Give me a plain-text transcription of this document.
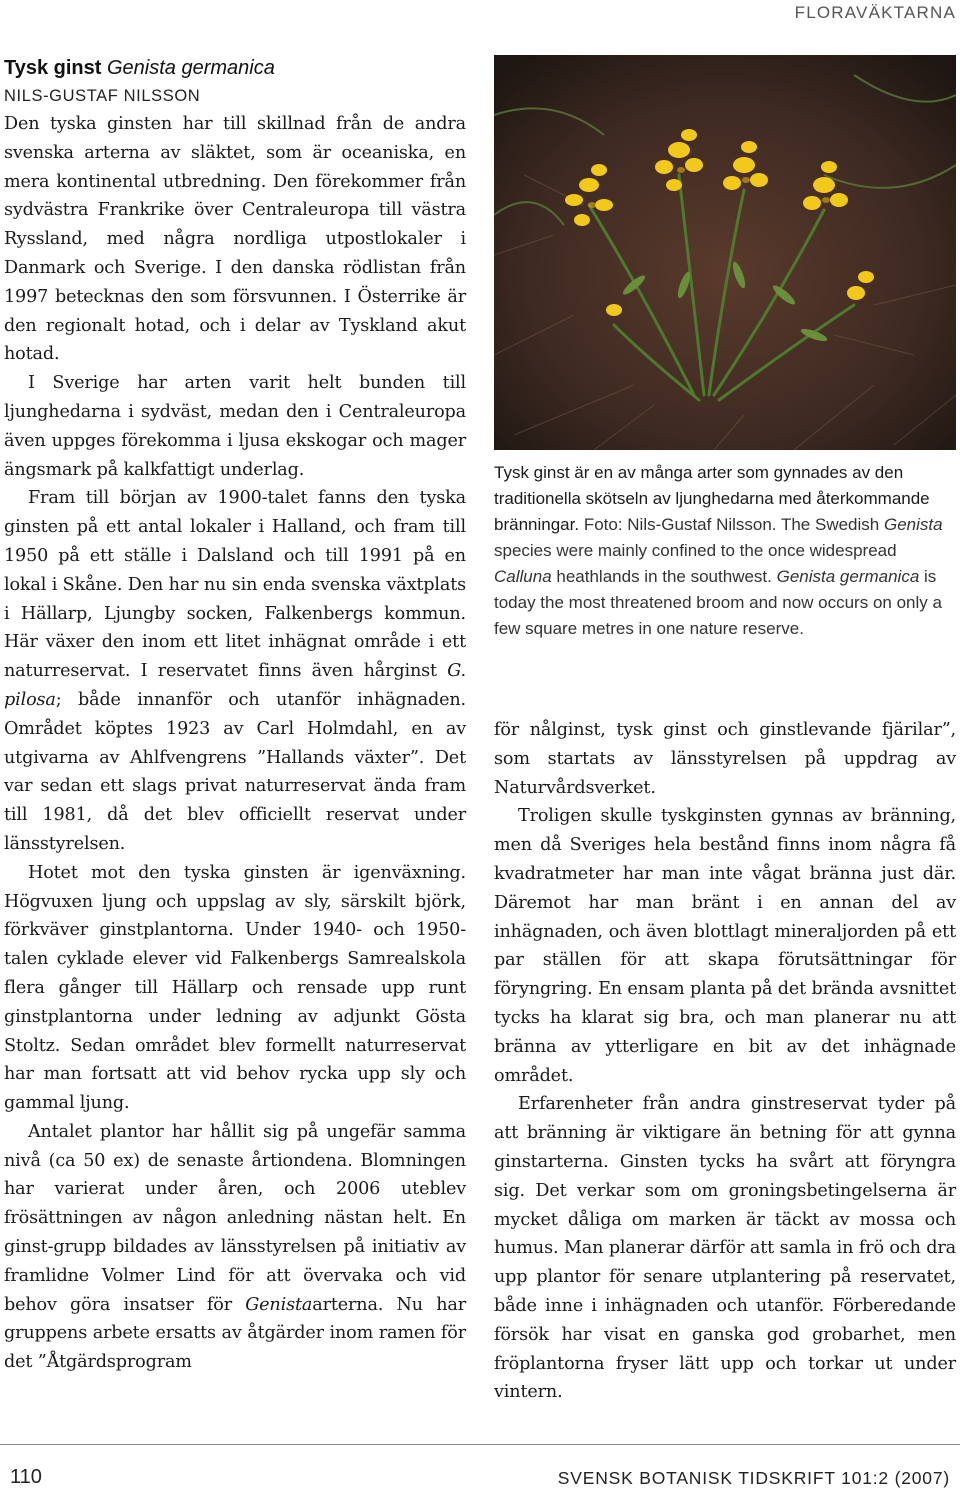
FLORAVÄKTARNA
Tysk ginst Genista germanica
NILS-GUSTAF NILSSON

Den tyska ginsten har till skillnad från de andra svenska arterna av släktet, som är oceaniska, en mera kontinental utbredning. Den förekommer från sydvästra Frankrike över Centraleuropa till västra Ryssland, med några nordliga utpostlokaler i Danmark och Sverige. I den danska rödlistan från 1997 betecknas den som försvunnen. I Österrike är den regionalt hotad, och i delar av Tyskland akut hotad.

I Sverige har arten varit helt bunden till ljunghedarna i sydväst, medan den i Centraleuropa även uppges förekomma i ljusa ekskogar och mager ängsmark på kalkfattigt underlag.

Fram till början av 1900-talet fanns den tyska ginsten på ett antal lokaler i Halland, och fram till 1950 på ett ställe i Dalsland och till 1991 på en lokal i Skåne. Den har nu sin enda svenska växtplats i Hällarp, Ljungby socken, Falkenbergs kommun. Här växer den inom ett litet inhägnat område i ett naturreservat. I reservatet finns även hårginst G. pilosa; både innanför och utanför inhägnaden. Området köptes 1923 av Carl Holmdahl, en av utgivarna av Ahlfvengrens ”Hallands växter”. Det var sedan ett slags privat naturreservat ända fram till 1981, då det blev officiellt reservat under länsstyrelsen.

Hotet mot den tyska ginsten är igenväxning. Högvuxen ljung och uppslag av sly, särskilt björk, förkväver ginstplantorna. Under 1940- och 1950-talen cyklade elever vid Falkenbergs Samrealskola flera gånger till Hällarp och rensade upp runt ginstplantorna under ledning av adjunkt Gösta Stoltz. Sedan området blev formellt naturreservat har man fortsatt att vid behov rycka upp sly och gammal ljung.

Antalet plantor har hållit sig på ungefär samma nivå (ca 50 ex) de senaste årtiondena. Blomningen har varierat under åren, och 2006 uteblev frösättningen av någon anledning nästan helt. En ginst-grupp bildades av länsstyrelsen på initiativ av framlidne Volmer Lind för att övervaka och vid behov göra insatser för Genistaarterna. Nu har gruppens arbete ersatts av åtgärder inom ramen för det ”Åtgärdsprogram

Tysk ginst är en av många arter som gynnades av den traditionella skötseln av ljunghedarna med återkommande bränningar. Foto: Nils-Gustaf Nilsson. The Swedish Genista species were mainly confined to the once widespread Calluna heathlands in the southwest. Genista germanica is today the most threatened broom and now occurs on only a few square metres in one nature reserve.

för nålginst, tysk ginst och ginstlevande fjärilar”, som startats av länsstyrelsen på uppdrag av Naturvårdsverket.

Troligen skulle tyskginsten gynnas av bränning, men då Sveriges hela bestånd finns inom några få kvadratmeter har man inte vågat bränna just där. Däremot har man bränt i en annan del av inhägnaden, och även blottlagt mineraljorden på ett par ställen för att skapa förutsättningar för föryngring. En ensam planta på det brända avsnittet tycks ha klarat sig bra, och man planerar nu att bränna av ytterligare en bit av det inhägnade området.

Erfarenheter från andra ginstreservat tyder på att bränning är viktigare än betning för att gynna ginstarterna. Ginsten tycks ha svårt att föryngra sig. Det verkar som om groningsbetingelserna är mycket dåliga om marken är täckt av mossa och humus. Man planerar därför att samla in frö och dra upp plantor för senare utplantering på reservatet, både inne i inhägnaden och utanför. Förberedande försök har visat en ganska god grobarhet, men fröplantorna fryser lätt upp och torkar ut under vintern.

110	SVENSK BOTANISK TIDSKRIFT 101:2 (2007)
